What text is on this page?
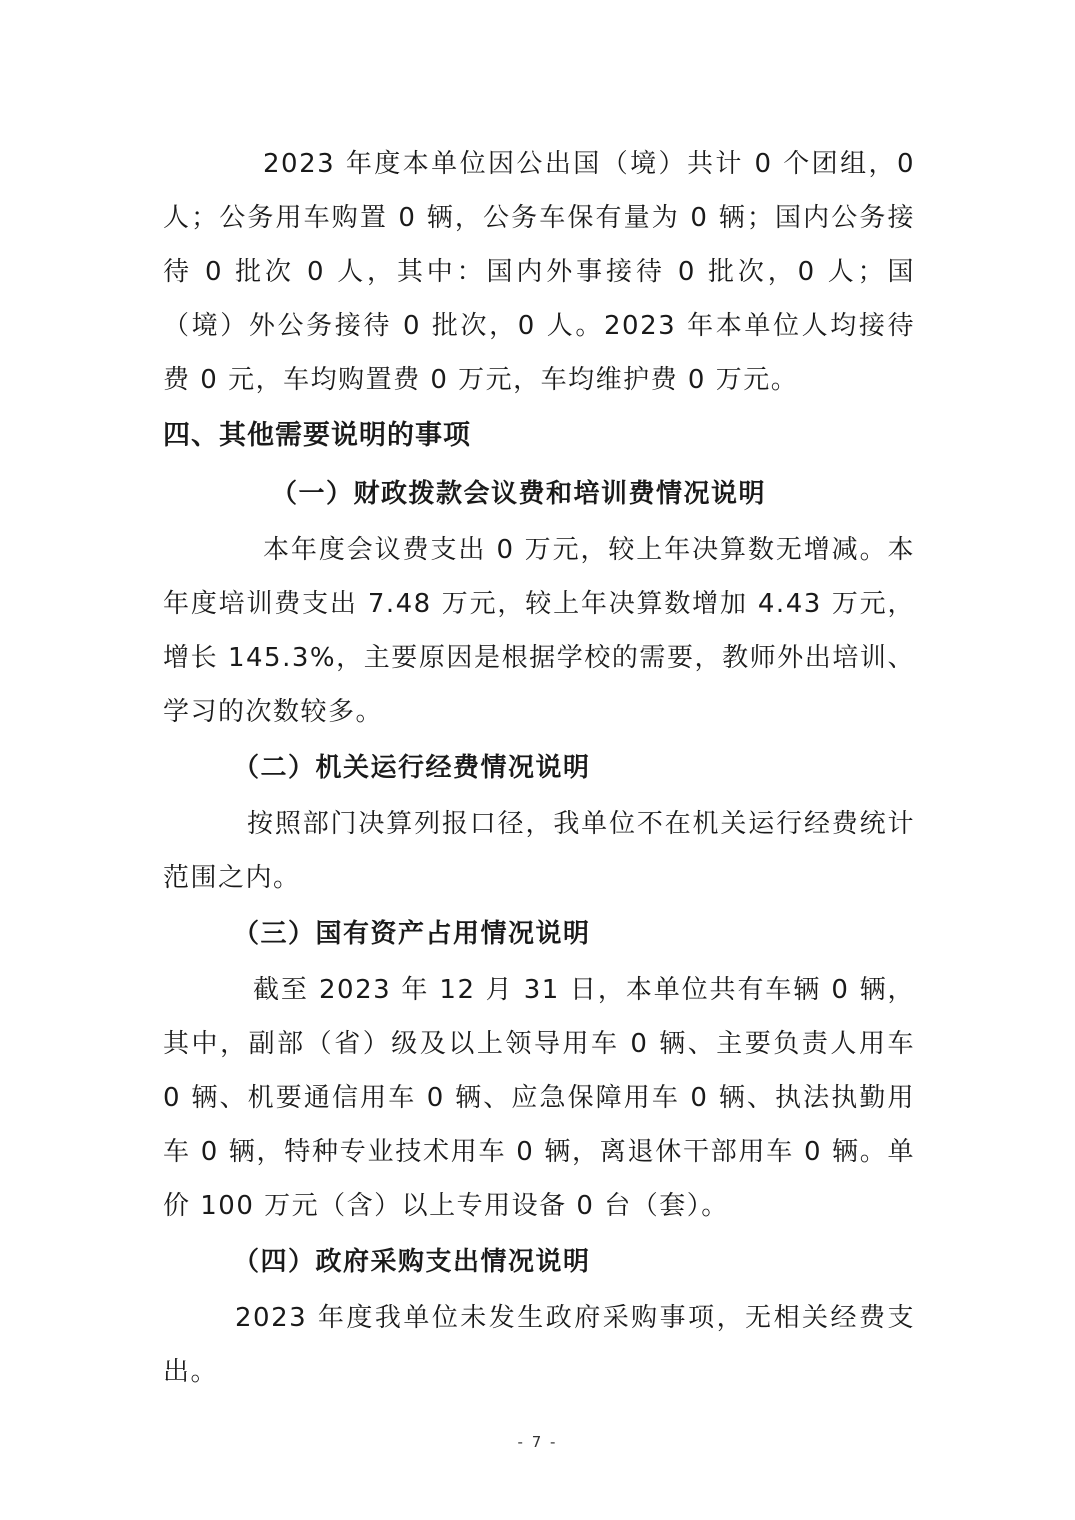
2023 年度本单位因公出国（境）共计 0 个团组，0 人；公务用车购置 0 辆，公务车保有量为 0 辆；国内公务接待 0 批次 0 人，其中：国内外事接待 0 批次，0 人；国（境）外公务接待 0 批次，0 人。2023 年本单位人均接待费 0 元，车均购置费 0 万元，车均维护费 0 万元。

四、其他需要说明的事项
（一）财政拨款会议费和培训费情况说明

本年度会议费支出 0 万元，较上年决算数无增减。本年度培训费支出 7.48 万元，较上年决算数增加 4.43 万元，增长 145.3%，主要原因是根据学校的需要，教师外出培训、学习的次数较多。

（二）机关运行经费情况说明

按照部门决算列报口径，我单位不在机关运行经费统计范围之内。

（三）国有资产占用情况说明

截至 2023 年 12 月 31 日，本单位共有车辆 0 辆，其中，副部（省）级及以上领导用车 0 辆、主要负责人用车 0 辆、机要通信用车 0 辆、应急保障用车 0 辆、执法执勤用车 0 辆，特种专业技术用车 0 辆，离退休干部用车 0 辆。单价 100 万元（含）以上专用设备 0 台（套）。

（四）政府采购支出情况说明

2023 年度我单位未发生政府采购事项，无相关经费支出。

- 7 -
